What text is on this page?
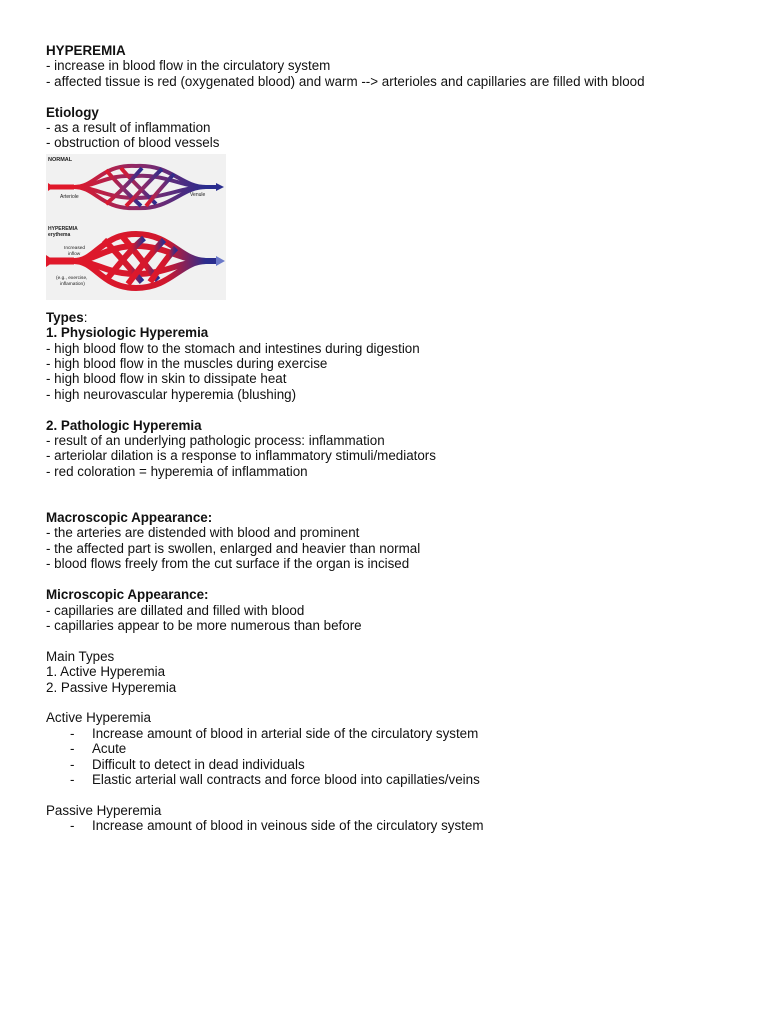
HYPEREMIA
- increase in blood flow in the circulatory system
- affected tissue is red (oxygenated blood) and warm --> arterioles and capillaries are filled with blood
Etiology
- as a result of inflammation
- obstruction of blood vessels
NORMAL
Arteriole	Venule
HYPEREMIA
erythema
Increased
inflow
(e.g., exercise,
inflamation)
Types:
1. Physiologic Hyperemia
- high blood flow to the stomach and intestines during digestion
- high blood flow in the muscles during exercise
- high blood flow in skin to dissipate heat
- high neurovascular hyperemia (blushing)
2. Pathologic Hyperemia
- result of an underlying pathologic process: inflammation
- arteriolar dilation is a response to inflammatory stimuli/mediators
- red coloration = hyperemia of inflammation
Macroscopic Appearance:
- the arteries are distended with blood and prominent
- the affected part is swollen, enlarged and heavier than normal
- blood flows freely from the cut surface if the organ is incised
Microscopic Appearance:
- capillaries are dillated and filled with blood
- capillaries appear to be more numerous than before
Main Types
1. Active Hyperemia
2. Passive Hyperemia
Active Hyperemia
- Increase amount of blood in arterial side of the circulatory system
- Acute
- Difficult to detect in dead individuals
- Elastic arterial wall contracts and force blood into capillaties/veins
Passive Hyperemia
- Increase amount of blood in veinous side of the circulatory system
